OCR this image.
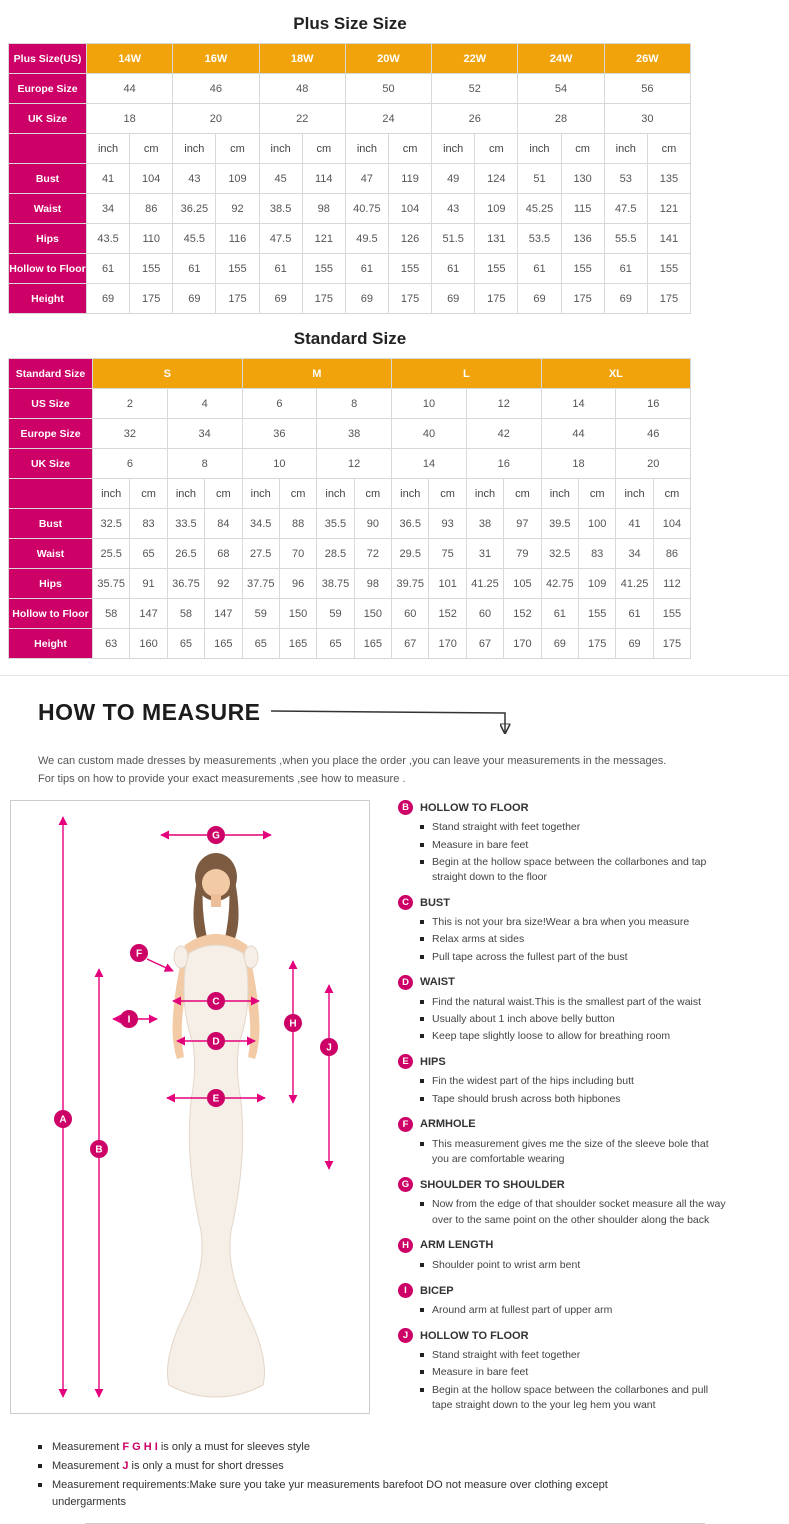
Plus Size Size
Plus Size(US)	14W		16W		18W		20W		22W		24W		26W	
Europe Size	44		46		48		50		52		54		56	
UK Size	18		20		22		24		26		28		30	
	inch	cm	inch	cm	inch	cm	inch	cm	inch	cm	inch	cm	inch	cm
Bust	41	104	43	109	45	114	47	119	49	124	51	130	53	135
Waist	34	86	36.25	92	38.5	98	40.75	104	43	109	45.25	115	47.5	121
Hips	43.5	110	45.5	116	47.5	121	49.5	126	51.5	131	53.5	136	55.5	141
Hollow to Floor	61	155	61	155	61	155	61	155	61	155	61	155	61	155
Height	69	175	69	175	69	175	69	175	69	175	69	175	69	175
Standard Size
Standard Size	S				M				L				XL			
US Size	2		4		6		8		10		12		14		16	
Europe Size	32		34		36		38		40		42		44		46	
UK Size	6		8		10		12		14		16		18		20	
	inch	cm	inch	cm	inch	cm	inch	cm	inch	cm	inch	cm	inch	cm	inch	cm
Bust	32.5	83	33.5	84	34.5	88	35.5	90	36.5	93	38	97	39.5	100	41	104
Waist	25.5	65	26.5	68	27.5	70	28.5	72	29.5	75	31	79	32.5	83	34	86
Hips	35.75	91	36.75	92	37.75	96	38.75	98	39.75	101	41.25	105	42.75	109	41.25	112
Hollow to Floor	58	147	58	147	59	150	59	150	60	152	60	152	61	155	61	155
Height	63	160	65	165	65	165	65	165	67	170	67	170	69	175	69	175
HOW TO MEASURE

We can custom made dresses by measurements ,when you place the order ,you can leave your measurements in the messages.

For tips on how to provide your exact measurements ,see how to measure .

G
F
C
I
D
H
J
E
A
B
B	HOLLOW TO FLOOR
Stand straight with feet together
Measure in bare feet
Begin at the hollow space between the collarbones and tap straight down to the floor
C	BUST
This is not your bra size!Wear a bra when you measure
Relax arms at sides
Pull tape across the fullest part of the bust
D	WAIST
Find the natural waist.This is the smallest part of the waist
Usually about 1 inch above belly button
Keep tape slightly loose to allow for breathing room
E	HIPS
Fin the widest part of the hips including butt
Tape should brush across both hipbones
F	ARMHOLE
This measurement gives me the size of the sleeve bole that you are comfortable wearing
G SHOULDER TO SHOULDER
Now from the edge of that shoulder socket measure all the way over to the same point on the other shoulder along the back
H	ARM LENGTH
Shoulder point to wrist arm bent
I	BICEP
Around arm at fullest part of upper arm
J	HOLLOW TO FLOOR
Stand straight with feet together
Measure in bare feet
Begin at the hollow space between the collarbones and pull tape straight down to the your leg hem you want
Measurement F G H I is only a must for sleeves style
Measurement J is only a must for short dresses
Measurement requirements:Make sure you take yur measurements barefoot DO not measure over clothing except undergarments
